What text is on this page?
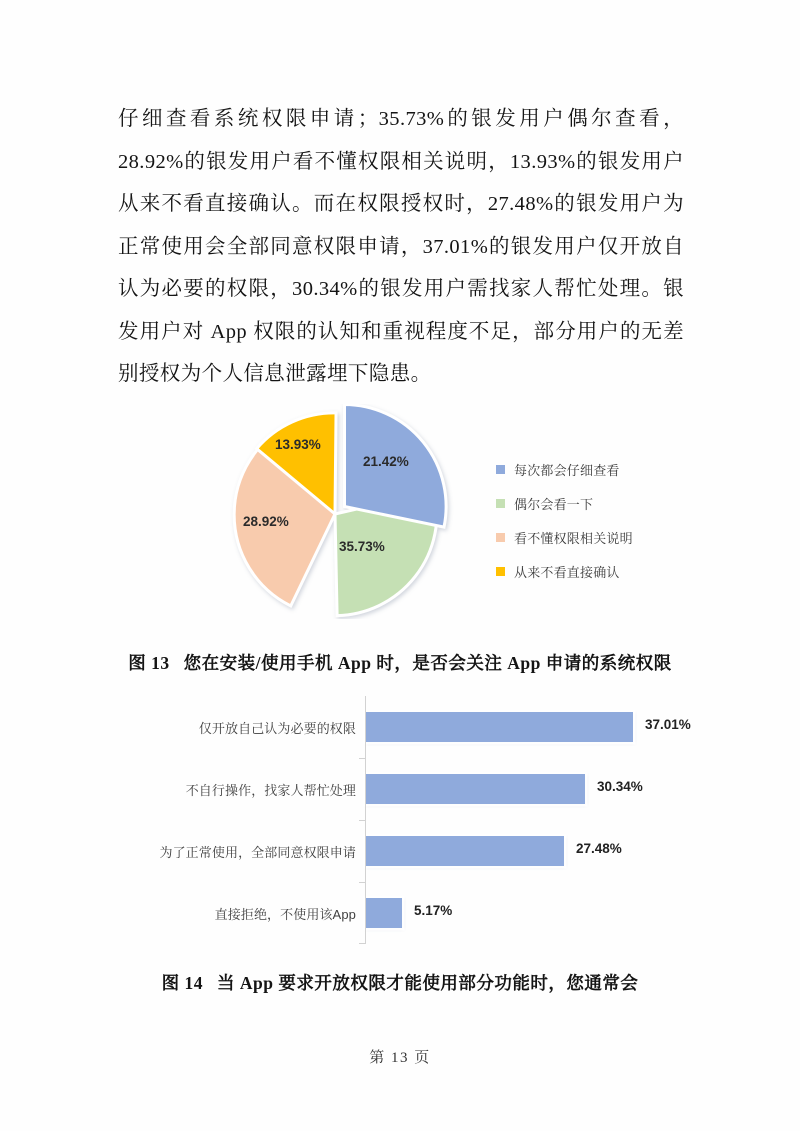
仔细查看系统权限申请；35.73%的银发用户偶尔查看，28.92%的银发用户看不懂权限相关说明，13.93%的银发用户从来不看直接确认。而在权限授权时，27.48%的银发用户为正常使用会全部同意权限申请，37.01%的银发用户仅开放自认为必要的权限，30.34%的银发用户需找家人帮忙处理。银发用户对 App 权限的认知和重视程度不足，部分用户的无差别授权为个人信息泄露埋下隐患。
21.42%
35.73%
28.92%
13.93%
每次都会仔细查看
偶尔会看一下
看不懂权限相关说明
从来不看直接确认
图 13 您在安装/使用手机 App 时，是否会关注 App 申请的系统权限
仅开放自己认为必要的权限	37.01%
不自行操作，找家人帮忙处理	30.34%
为了正常使用，全部同意权限申请	27.48%
直接拒绝，不使用该App	5.17%
图 14 当 App 要求开放权限才能使用部分功能时，您通常会
第 13 页
